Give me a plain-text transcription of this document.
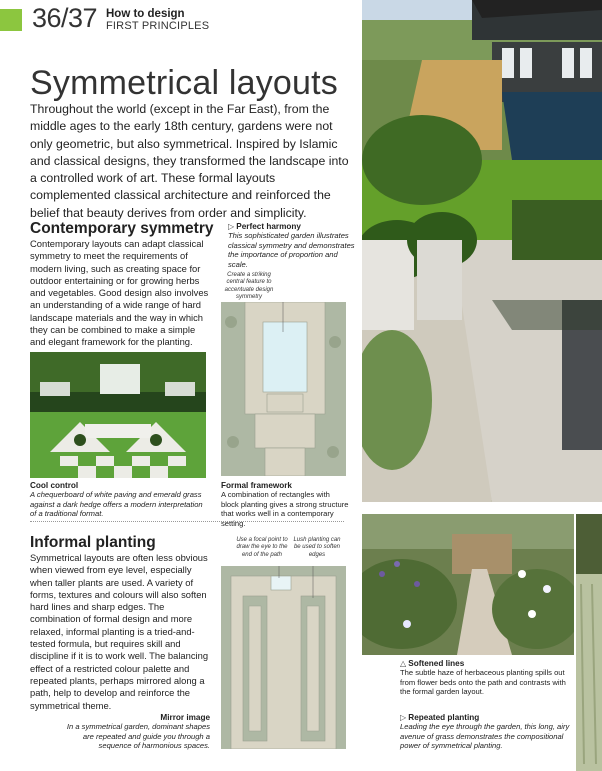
36/37 How to design
FIRST PRINCIPLES
Symmetrical layouts

Throughout the world (except in the Far East), from the middle ages to the early 18th century, gardens were not only geometric, but also symmetrical. Inspired by Islamic and classical designs, they transformed the landscape into a controlled work of art. These formal layouts complemented classical architecture and reinforced the belief that beauty derives from order and simplicity.

Contemporary symmetry

Contemporary layouts can adapt classical symmetry to meet the requirements of modern living, such as creating space for outdoor entertaining or for growing herbs and vegetables. Good design also involves an understanding of a wide range of hard landscape materials and the way in which they can be combined to make a simple and elegant framework for the planting.

▷ Perfect harmony
This sophisticated garden illustrates classical symmetry and demonstrates the importance of proportion and scale.
Create a striking central feature to accentuate design symmetry
Cool control
A chequerboard of white paving and emerald grass against a dark hedge offers a modern interpretation of a traditional format.
Formal framework
A combination of rectangles with block planting gives a strong structure that works well in a contemporary setting.
Informal planting

Symmetrical layouts are often less obvious when viewed from eye level, especially when taller plants are used. A variety of forms, textures and colours will also soften hard lines and sharp edges. The combination of formal design and more relaxed, informal planting is a tried-and-tested formula, but requires skill and discipline if it is to work well. The balancing effect of a restricted colour palette and repeated plants, perhaps mirrored along a path, help to develop and reinforce the symmetrical theme.

Use a focal point to draw the eye to the end of the path
Lush planting can be used to soften edges
Mirror image
In a symmetrical garden, dominant shapes are repeated and guide you through a sequence of harmonious spaces.
△ Softened lines
The subtle haze of herbaceous planting spills out from flower beds onto the path and contrasts with the formal garden layout.
▷ Repeated planting
Leading the eye through the garden, this long, airy avenue of grass demonstrates the compositional power of symmetrical planting.
